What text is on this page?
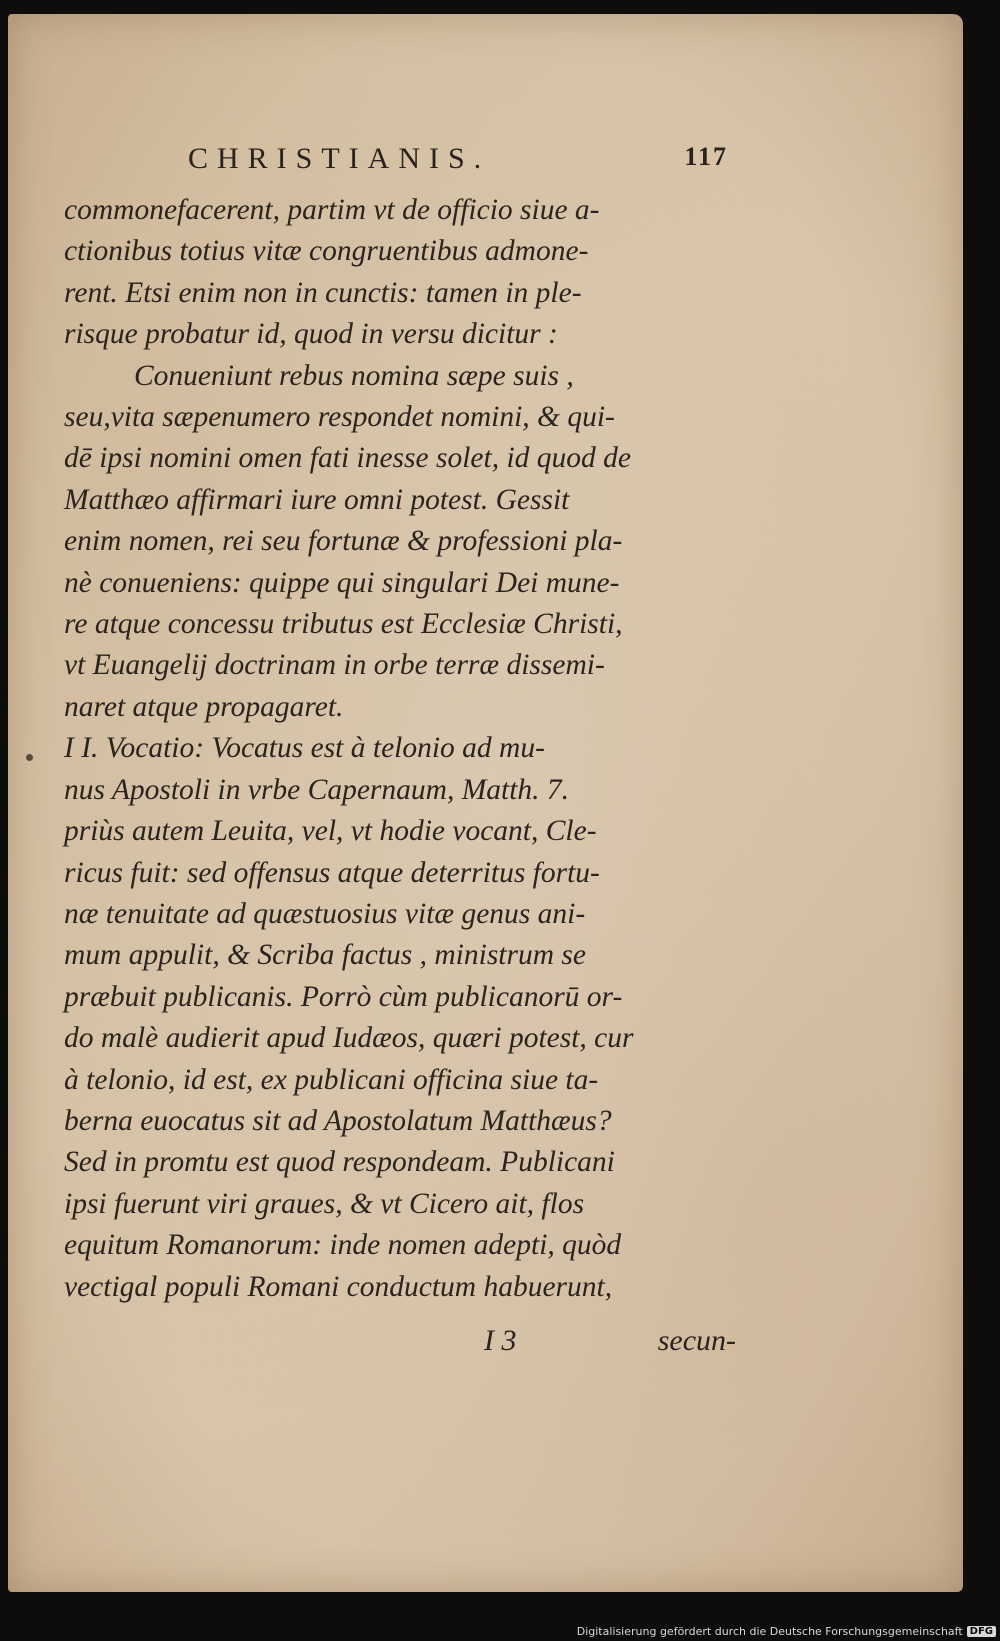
CHRISTIANIS.	117
commonefacerent, partim vt de officio siue a-
ctionibus totius vitæ congruentibus admone-
rent. Etsi enim non in cunctis: tamen in ple-
risque probatur id, quod in versu dicitur :
Conueniunt rebus nomina sæpe suis ,
seu,vita sæpenumero respondet nomini, & qui-
dē ipsi nomini omen fati inesse solet, id quod de
Matthæo affirmari iure omni potest. Gessit
enim nomen, rei seu fortunæ & professioni pla-
nè conueniens: quippe qui singulari Dei mune-
re atque concessu tributus est Ecclesiæ Christi,
vt Euangelij doctrinam in orbe terræ dissemi-
naret atque propagaret.
I I. Vocatio: Vocatus est à telonio ad mu-
nus Apostoli in vrbe Capernaum, Matth. 7.
priùs autem Leuita, vel, vt hodie vocant, Cle-
ricus fuit: sed offensus atque deterritus fortu-
næ tenuitate ad quæstuosius vitæ genus ani-
mum appulit, & Scriba factus , ministrum se
præbuit publicanis. Porrò cùm publicanorū or-
do malè audierit apud Iudæos, quæri potest, cur
à telonio, id est, ex publicani officina siue ta-
berna euocatus sit ad Apostolatum Matthæus?
Sed in promtu est quod respondeam. Publicani
ipsi fuerunt viri graues, & vt Cicero ait, flos
equitum Romanorum: inde nomen adepti, quòd
vectigal populi Romani conductum habuerunt,
I 3	secun-
Digitalisierung gefördert durch die Deutsche Forschungsgemeinschaft DFG
